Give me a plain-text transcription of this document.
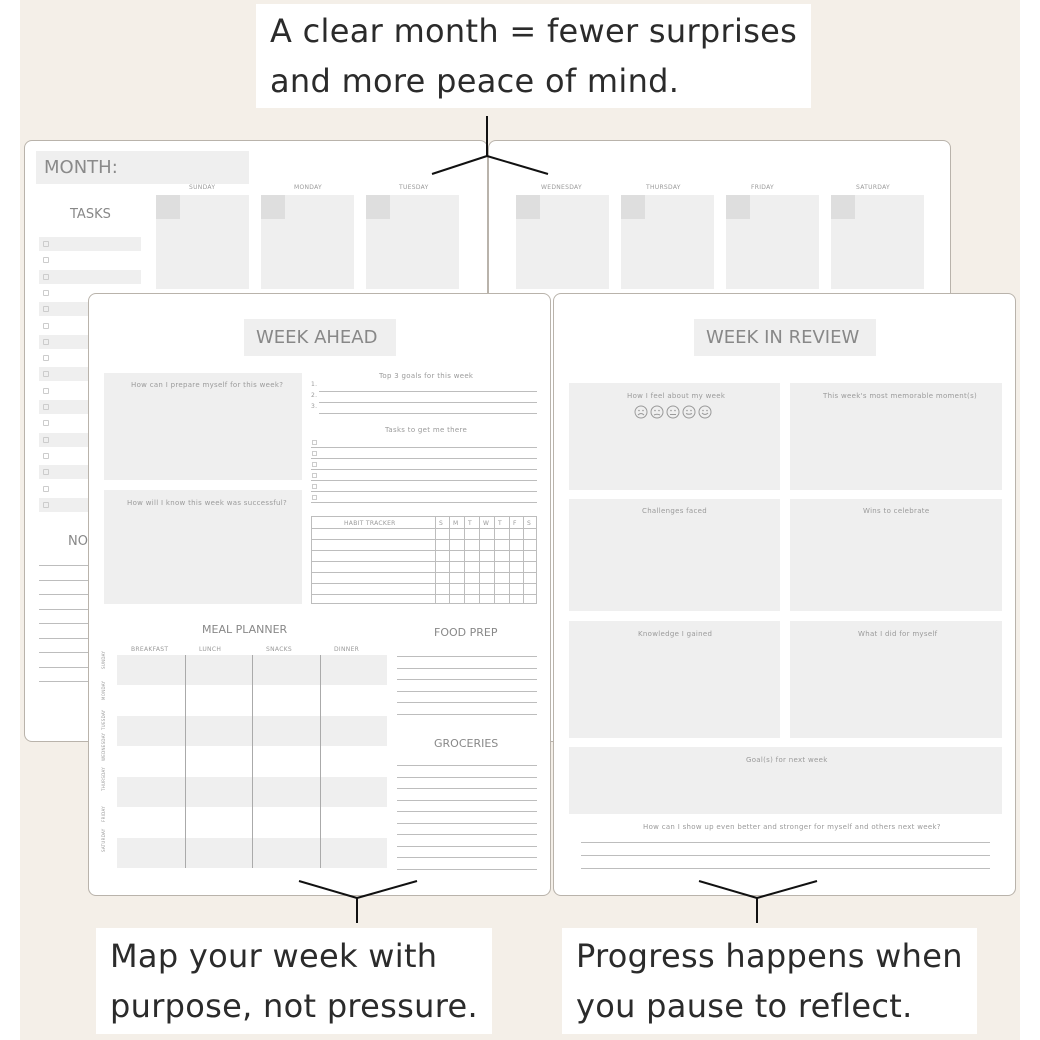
MONTH:
TASKS
NO
SUNDAY	MONDAY	TUESDAY	WEDNESDAY	THURSDAY	FRIDAY	SATURDAY
WEEK AHEAD
How can I prepare myself for this week?
How will I know this week was successful?
Top 3 goals for this week
1.
2.
3.
Tasks to get me there
HABIT TRACKER	S M T W T F S
MEAL PLANNER
BREAKFAST	LUNCH	SNACKS	DINNER
SUNDAY
MONDAY
TUESDAY
WEDNESDAY
THURSDAY
FRIDAY
SATURDAY
FOOD PREP
GROCERIES
WEEK IN REVIEW
How I feel about my week	This week's most memorable moment(s)
Challenges faced	Wins to celebrate
Knowledge I gained	What I did for myself
Goal(s) for next week
How can I show up even better and stronger for myself and others next week?
A clear month = fewer surprises
and more peace of mind.
Map your week with
purpose, not pressure.
Progress happens when
you pause to reflect.
